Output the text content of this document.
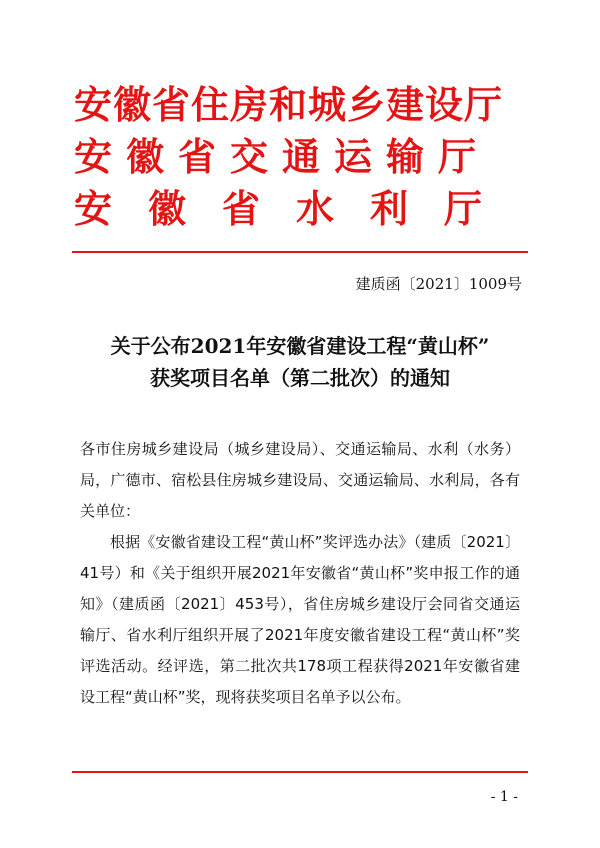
安徽省住房和城乡建设厅
安徽省交通运输厅
安徽省水利厅
建质函〔2021〕1009号
关于公布2021年安徽省建设工程“黄山杯”
获奖项目名单（第二批次）的通知

各市住房城乡建设局（城乡建设局）、交通运输局、水利（水务）局，广德市、宿松县住房城乡建设局、交通运输局、水利局，各有关单位：

根据《安徽省建设工程“黄山杯”奖评选办法》（建质〔2021〕41号）和《关于组织开展2021年安徽省“黄山杯”奖申报工作的通知》（建质函〔2021〕453号），省住房城乡建设厅会同省交通运输厅、省水利厅组织开展了2021年度安徽省建设工程“黄山杯”奖评选活动。经评选，第二批次共178项工程获得2021年安徽省建设工程“黄山杯”奖，现将获奖项目名单予以公布。

- 1 -
